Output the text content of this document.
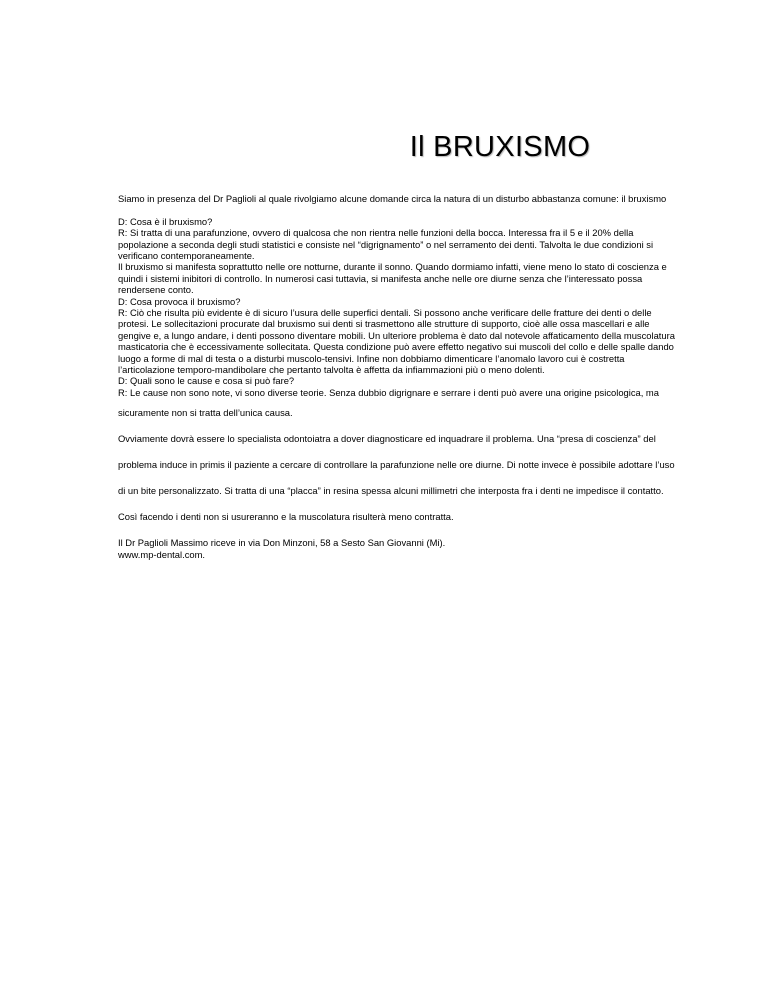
Il BRUXISMO

Siamo in presenza del Dr Paglioli al quale rivolgiamo alcune domande circa la natura di un disturbo abbastanza comune: il bruxismo

D: Cosa è il bruxismo?

R: Si tratta di una parafunzione, ovvero di qualcosa che non rientra nelle funzioni della bocca. Interessa fra il 5 e il 20% della popolazione a seconda degli studi statistici e consiste nel “digrignamento” o nel serramento dei denti. Talvolta le due condizioni si verificano contemporaneamente.

Il bruxismo si manifesta soprattutto nelle ore notturne, durante il sonno. Quando dormiamo infatti, viene meno lo stato di coscienza e quindi i sistemi inibitori di controllo. In numerosi casi tuttavia, si manifesta anche nelle ore diurne senza che l’interessato possa rendersene conto.

D: Cosa provoca il bruxismo?

R: Ciò che risulta più evidente è di sicuro l’usura delle superfici dentali. Si possono anche verificare delle fratture dei denti o delle protesi. Le sollecitazioni procurate dal bruxismo sui denti si trasmettono alle strutture di supporto, cioè alle ossa mascellari e alle gengive e, a lungo andare, i denti possono diventare mobili. Un ulteriore problema è dato dal notevole affaticamento della muscolatura masticatoria che è eccessivamente sollecitata. Questa condizione può avere effetto negativo sui muscoli del collo e delle spalle dando luogo a forme di mal di testa o a disturbi muscolo-tensivi. Infine non dobbiamo dimenticare l’anomalo lavoro cui è costretta l’articolazione temporo-mandibolare che pertanto talvolta è affetta da infiammazioni più o meno dolenti.

D: Quali sono le cause e cosa si può fare?

R: Le cause non sono note, vi sono diverse teorie. Senza dubbio digrignare e serrare i denti può avere una origine psicologica, ma

sicuramente non si tratta dell’unica causa.

Ovviamente dovrà essere lo specialista odontoiatra a dover diagnosticare ed inquadrare il problema. Una “presa di coscienza” del

problema induce in primis il paziente a cercare di controllare la parafunzione nelle ore diurne. Di notte invece è possibile adottare l’uso

di un bite personalizzato. Si tratta di una “placca” in resina spessa alcuni millimetri che interposta fra i denti ne impedisce il contatto.

Così facendo i denti non si usureranno e la muscolatura risulterà meno contratta.

Il Dr Paglioli Massimo riceve in via Don Minzoni, 58 a Sesto San Giovanni (Mi).

www.mp-dental.com.
